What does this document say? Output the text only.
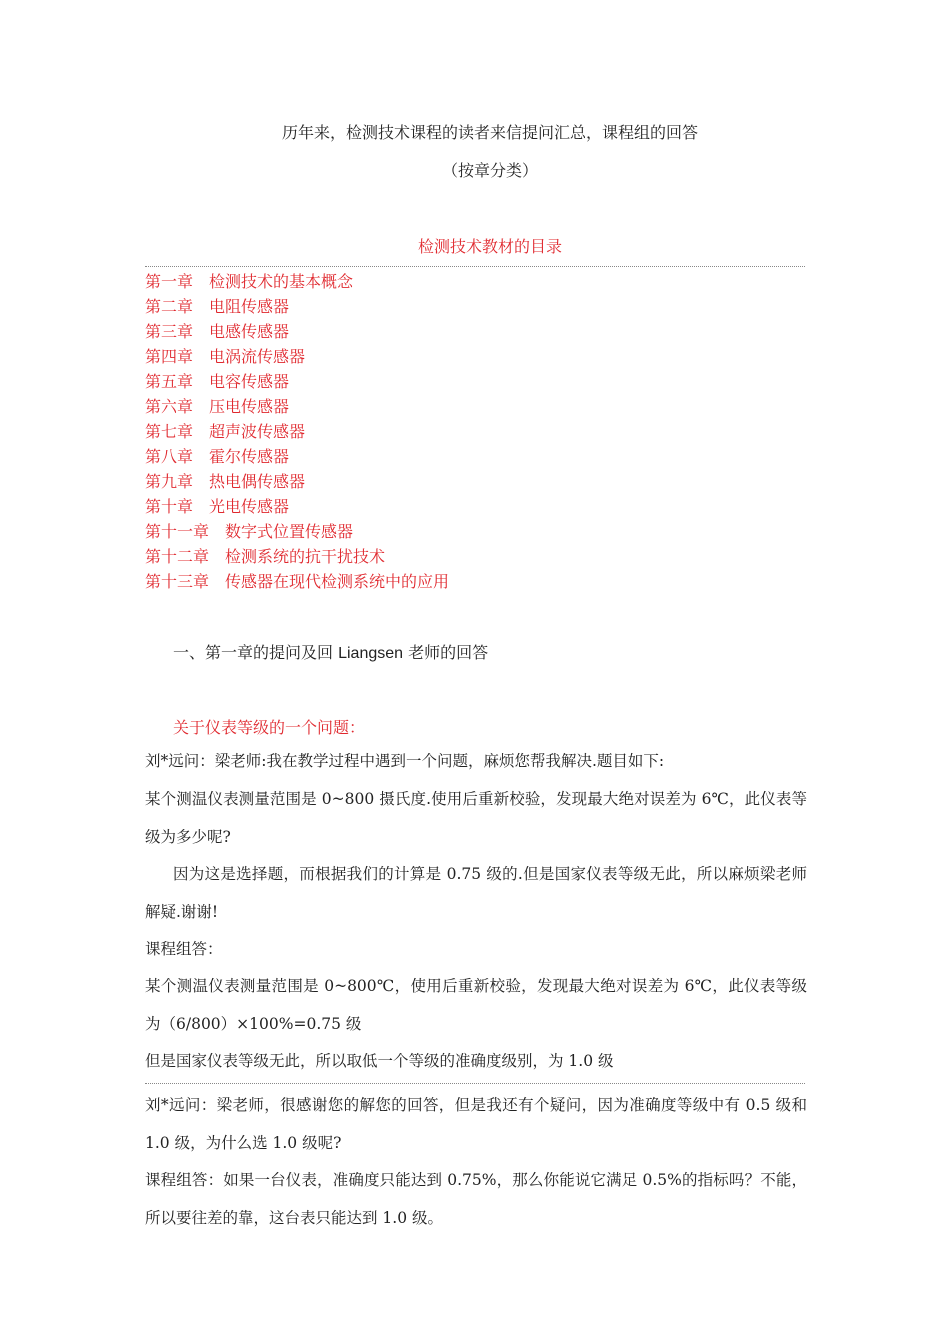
历年来，检测技术课程的读者来信提问汇总，课程组的回答
（按章分类）
检测技术教材的目录
第一章 检测技术的基本概念
第二章 电阻传感器
第三章 电感传感器
第四章 电涡流传感器
第五章 电容传感器
第六章 压电传感器
第七章 超声波传感器
第八章 霍尔传感器
第九章 热电偶传感器
第十章 光电传感器
第十一章 数字式位置传感器
第十二章 检测系统的抗干扰技术
第十三章 传感器在现代检测系统中的应用
一、第一章的提问及回 Liangsen 老师的回答
关于仪表等级的一个问题：
刘*远问：梁老师:我在教学过程中遇到一个问题，麻烦您帮我解决.题目如下:

某个测温仪表测量范围是 0~800 摄氏度.使用后重新校验，发现最大绝对误差为 6℃，此仪表等级为多少呢?

因为这是选择题，而根据我们的计算是 0.75 级的.但是国家仪表等级无此，所以麻烦梁老师解疑.谢谢!

课程组答：

某个测温仪表测量范围是 0~800℃，使用后重新校验，发现最大绝对误差为 6℃，此仪表等级为（6/800）×100%=0.75 级

但是国家仪表等级无此，所以取低一个等级的准确度级别，为 1.0 级

刘*远问：梁老师，很感谢您的解您的回答，但是我还有个疑问，因为准确度等级中有 0.5 级和 1.0 级，为什么选 1.0 级呢?

课程组答：如果一台仪表，准确度只能达到 0.75%，那么你能说它满足 0.5%的指标吗？不能，所以要往差的靠，这台表只能达到 1.0 级。
